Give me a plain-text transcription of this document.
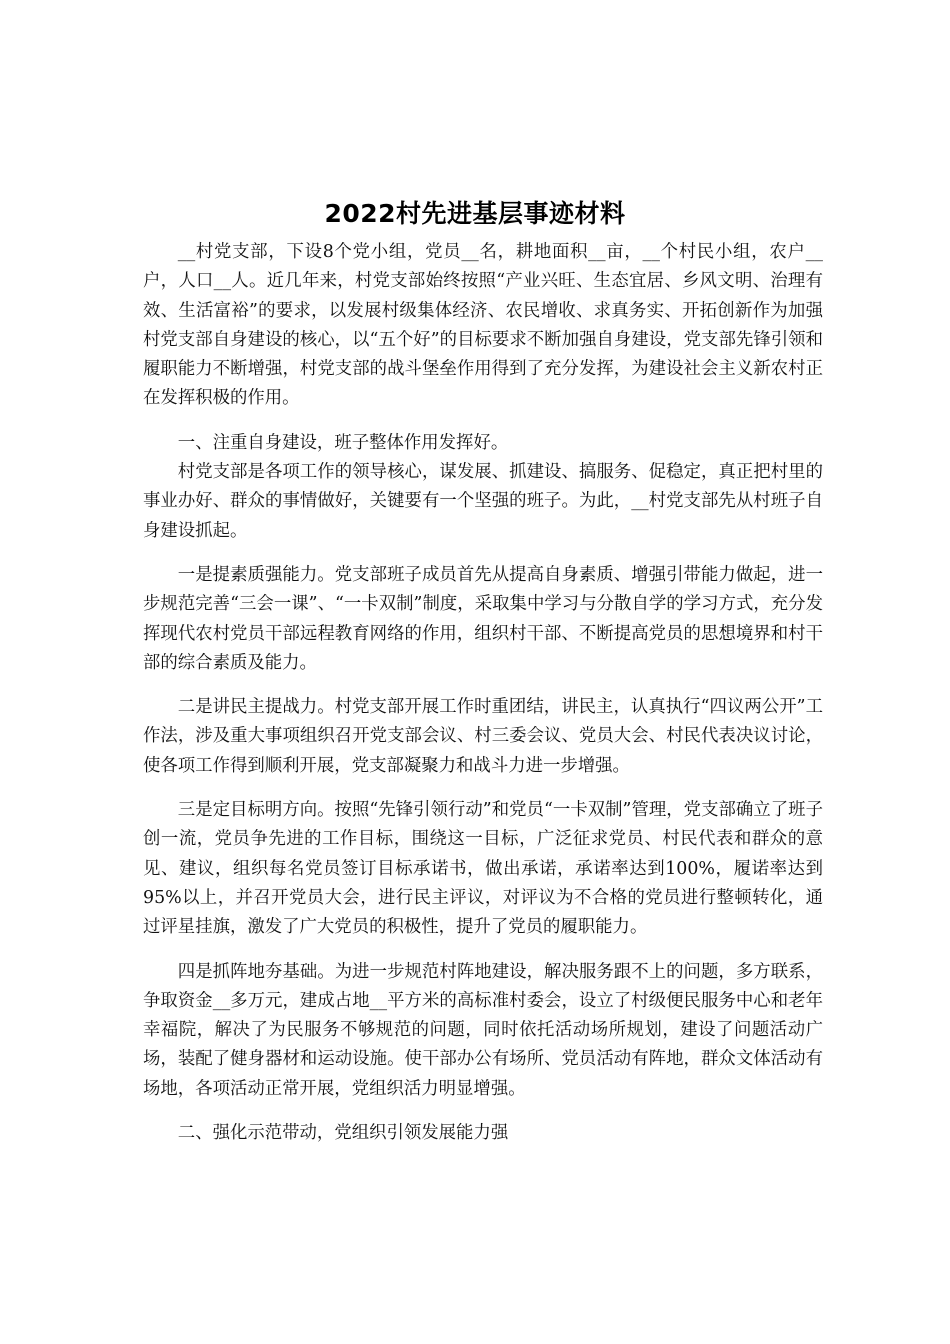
2022村先进基层事迹材料

__村党支部，下设8个党小组，党员__名，耕地面积__亩，__个村民小组，农户__户，人口__人。近几年来，村党支部始终按照“产业兴旺、生态宜居、乡风文明、治理有效、生活富裕”的要求，以发展村级集体经济、农民增收、求真务实、开拓创新作为加强村党支部自身建设的核心，以“五个好”的目标要求不断加强自身建设，党支部先锋引领和履职能力不断增强，村党支部的战斗堡垒作用得到了充分发挥，为建设社会主义新农村正在发挥积极的作用。

一、注重自身建设，班子整体作用发挥好。

村党支部是各项工作的领导核心，谋发展、抓建设、搞服务、促稳定，真正把村里的事业办好、群众的事情做好，关键要有一个坚强的班子。为此，__村党支部先从村班子自身建设抓起。

一是提素质强能力。党支部班子成员首先从提高自身素质、增强引带能力做起，进一步规范完善“三会一课”、“一卡双制”制度，采取集中学习与分散自学的学习方式，充分发挥现代农村党员干部远程教育网络的作用，组织村干部、不断提高党员的思想境界和村干部的综合素质及能力。

二是讲民主提战力。村党支部开展工作时重团结，讲民主，认真执行“四议两公开”工作法，涉及重大事项组织召开党支部会议、村三委会议、党员大会、村民代表决议讨论，使各项工作得到顺利开展，党支部凝聚力和战斗力进一步增强。

三是定目标明方向。按照“先锋引领行动”和党员“一卡双制”管理，党支部确立了班子创一流，党员争先进的工作目标，围绕这一目标，广泛征求党员、村民代表和群众的意见、建议，组织每名党员签订目标承诺书，做出承诺，承诺率达到100%，履诺率达到95%以上，并召开党员大会，进行民主评议，对评议为不合格的党员进行整顿转化，通过评星挂旗，激发了广大党员的积极性，提升了党员的履职能力。

四是抓阵地夯基础。为进一步规范村阵地建设，解决服务跟不上的问题，多方联系，争取资金__多万元，建成占地__平方米的高标准村委会，设立了村级便民服务中心和老年幸福院，解决了为民服务不够规范的问题，同时依托活动场所规划，建设了问题活动广场，装配了健身器材和运动设施。使干部办公有场所、党员活动有阵地，群众文体活动有场地，各项活动正常开展，党组织活力明显增强。

二、强化示范带动，党组织引领发展能力强
